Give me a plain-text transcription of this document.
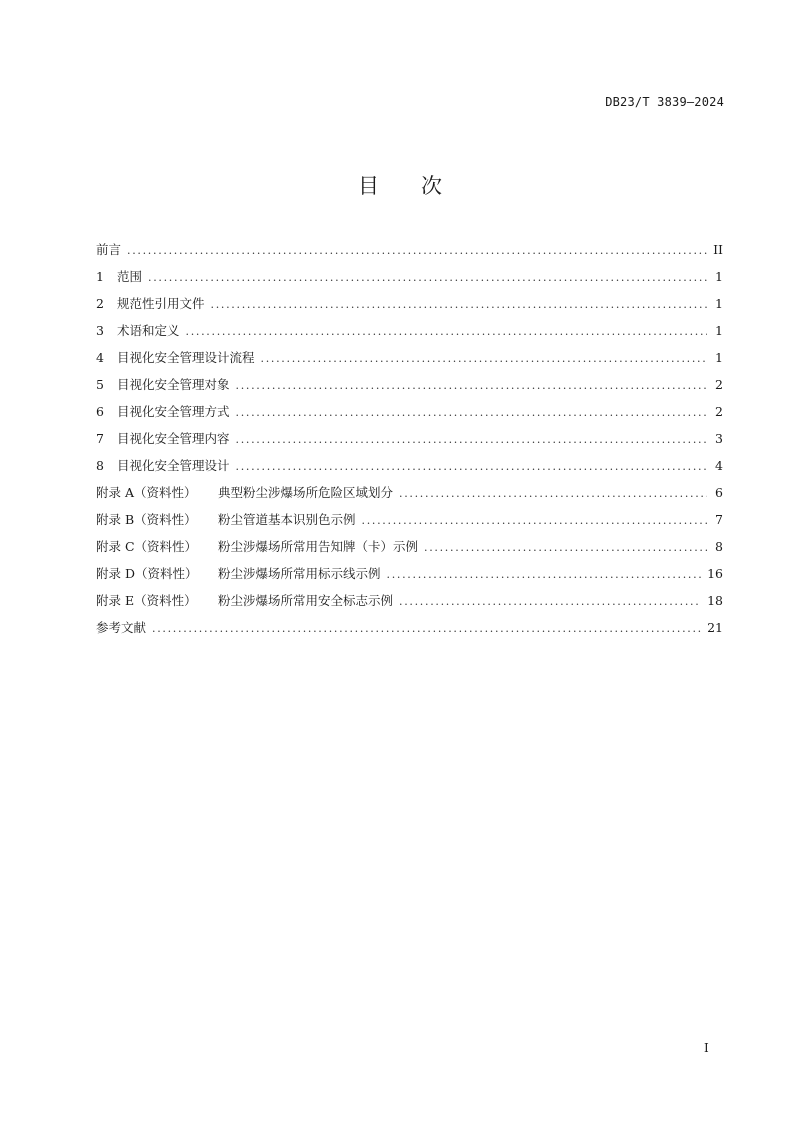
DB23/T 3839—2024
目次
前言 .....	II
1	范围 .....	1
2	规范性引用文件 .....	1
3	术语和定义 .....	1
4	目视化安全管理设计流程 .....	1
5	目视化安全管理对象 .....	2
6	目视化安全管理方式 .....	2
7	目视化安全管理内容 .....	3
8	目视化安全管理设计 .....	4
附录 A（资料性）	典型粉尘涉爆场所危险区域划分 .....	6
附录 B（资料性）	粉尘管道基本识别色示例 .....	7
附录 C（资料性）	粉尘涉爆场所常用告知牌（卡）示例 .....	8
附录 D（资料性）	粉尘涉爆场所常用标示线示例 .....	16
附录 E（资料性）	粉尘涉爆场所常用安全标志示例 .....	18
参考文献 .....	21
I
